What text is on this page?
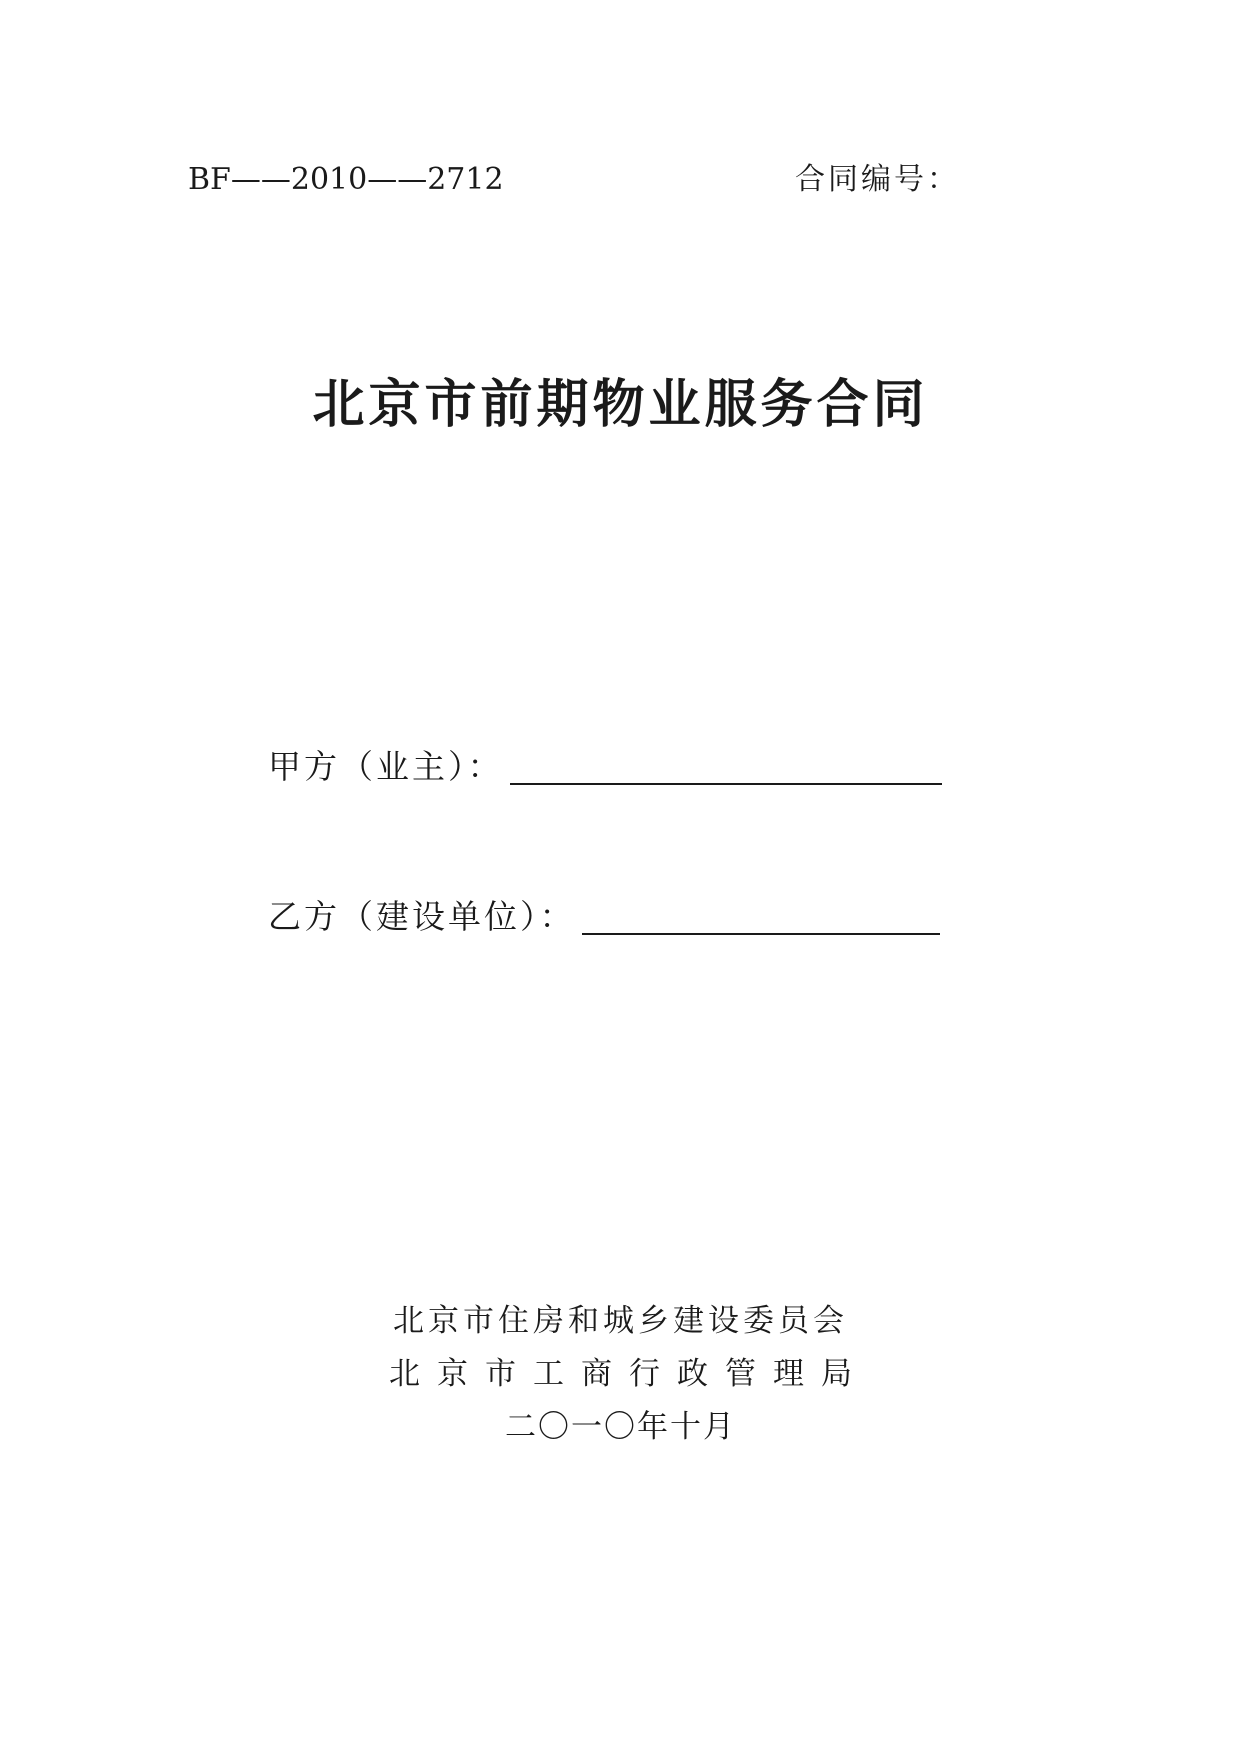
BF——2010——2712	合同编号：
北京市前期物业服务合同
甲方（业主）：
乙方（建设单位）：
北京市住房和城乡建设委员会
北京市工商行政管理局
二〇一〇年十月
